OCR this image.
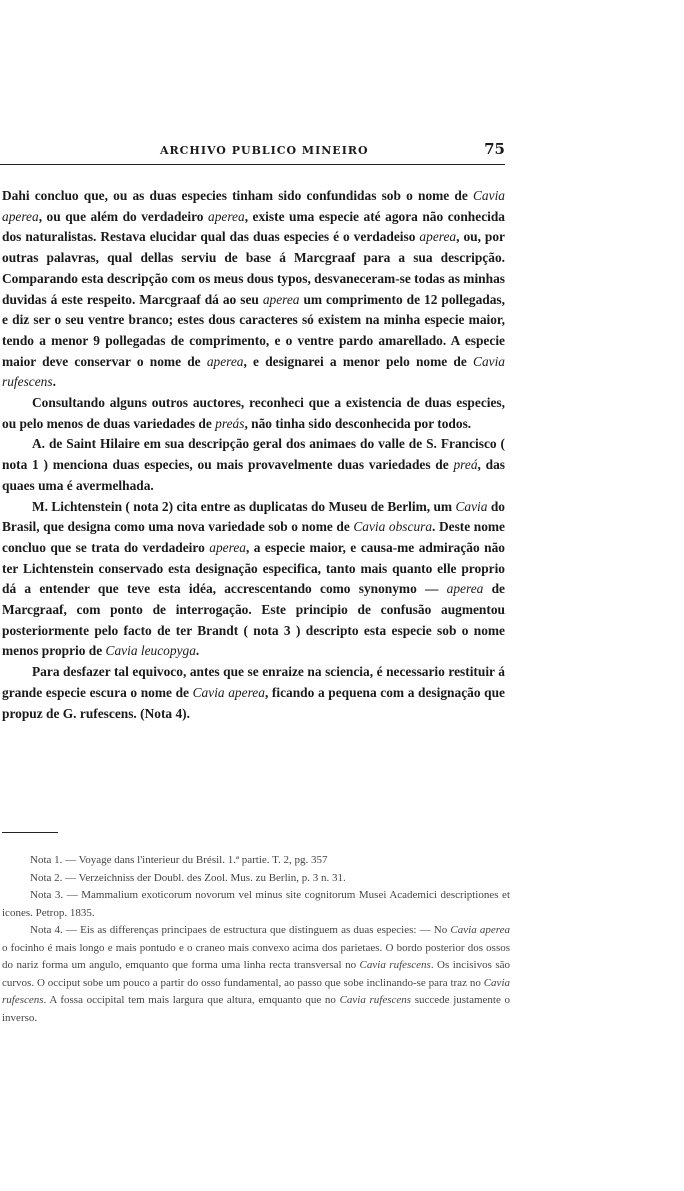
ARCHIVO PUBLICO MINEIRO	75

Dahi concluo que, ou as duas especies tinham sido confundidas sob o nome de Cavia aperea, ou que além do verdadeiro aperea, existe uma especie até agora não conhecida dos naturalistas. Restava elucidar qual das duas especies é o verdadeiso aperea, ou, por outras palavras, qual dellas serviu de base á Marcgraaf para a sua descripção. Comparando esta descripção com os meus dous typos, desvaneceram-se todas as minhas duvidas á este respeito. Marcgraaf dá ao seu aperea um comprimento de 12 pollegadas, e diz ser o seu ventre branco; estes dous caracteres só existem na minha especie maior, tendo a menor 9 pollegadas de comprimento, e o ventre pardo amarellado. A especie maior deve conservar o nome de aperea, e designarei a menor pelo nome de Cavia rufescens.

Consultando alguns outros auctores, reconheci que a existencia de duas especies, ou pelo menos de duas variedades de preás, não tinha sido desconhecida por todos.

A. de Saint Hilaire em sua descripção geral dos animaes do valle de S. Francisco ( nota 1 ) menciona duas especies, ou mais provavelmente duas variedades de preá, das quaes uma é avermelhada.

M. Lichtenstein ( nota 2) cita entre as duplicatas do Museu de Berlim, um Cavia do Brasil, que designa como uma nova variedade sob o nome de Cavia obscura. Deste nome concluo que se trata do verdadeiro aperea, a especie maior, e causa-me admiração não ter Lichtenstein conservado esta designação especifica, tanto mais quanto elle proprio dá a entender que teve esta idéa, accrescentando como synonymo — aperea de Marcgraaf, com ponto de interrogação. Este principio de confusão augmentou posteriormente pelo facto de ter Brandt ( nota 3 ) descripto esta especie sob o nome menos proprio de Cavia leucopyga.

Para desfazer tal equivoco, antes que se enraize na sciencia, é necessario restituir á grande especie escura o nome de Cavia aperea, ficando a pequena com a designação que propuz de G. rufescens. (Nota 4).

Nota 1. — Voyage dans l'interieur du Brésil. 1.ª partie. T. 2, pg. 357

Nota 2. — Verzeichniss der Doubl. des Zool. Mus. zu Berlin, p. 3 n. 31.

Nota 3. — Mammalium exoticorum novorum vel minus site cognitorum Musei Academici descriptiones et icones. Petrop. 1835.

Nota 4. — Eis as differenças principaes de estructura que distinguem as duas especies: — No Cavia aperea o focinho é mais longo e mais pontudo e o craneo mais convexo acima dos parietaes. O bordo posterior dos ossos do nariz forma um angulo, emquanto que forma uma linha recta transversal no Cavia rufescens. Os incisivos são curvos. O occiput sobe um pouco a partir do osso fundamental, ao passo que sobe inclinando-se para traz no Cavia rufescens. A fossa occipital tem mais largura que altura, emquanto que no Cavia rufescens succede justamente o inverso.
